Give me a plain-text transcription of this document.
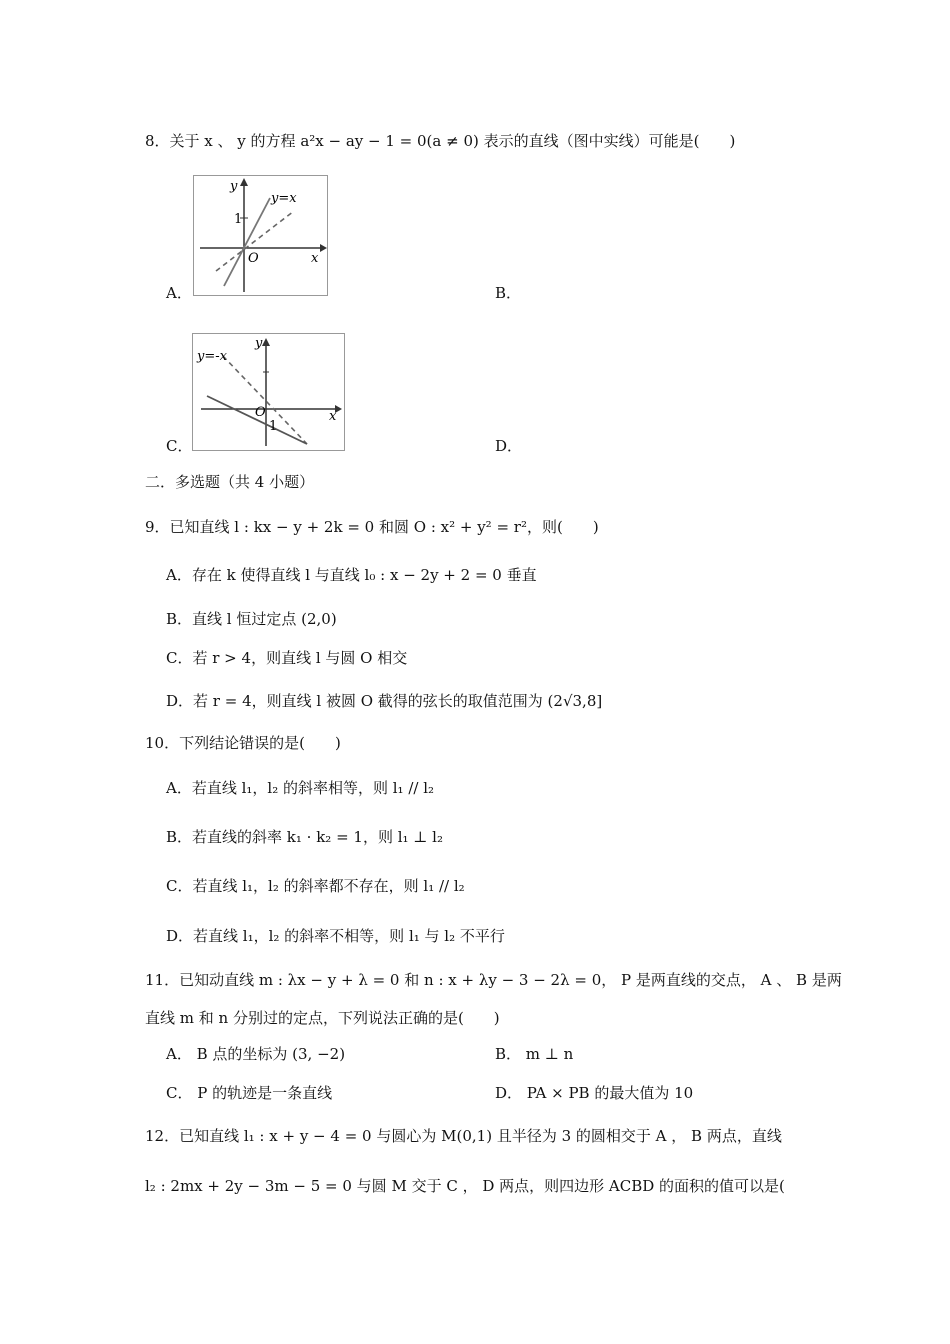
8．关于 x 、 y 的方程 a²x − ay − 1 = 0(a ≠ 0) 表示的直线（图中实线）可能是(　　)
y
x
O
1
y=x
A．	B．
y
x
O
1
y=-x
C．	D．
二．多选题（共 4 小题）
9．已知直线 l : kx − y + 2k = 0 和圆 O : x² + y² = r²，则(　　)
A．存在 k 使得直线 l 与直线 l₀ : x − 2y + 2 = 0 垂直
B．直线 l 恒过定点 (2,0)
C．若 r > 4，则直线 l 与圆 O 相交
D．若 r = 4，则直线 l 被圆 O 截得的弦长的取值范围为 (2√3,8]
10．下列结论错误的是(　　)
A．若直线 l₁，l₂ 的斜率相等，则 l₁ // l₂
B．若直线的斜率 k₁ · k₂ = 1，则 l₁ ⊥ l₂
C．若直线 l₁，l₂ 的斜率都不存在，则 l₁ // l₂
D．若直线 l₁，l₂ 的斜率不相等，则 l₁ 与 l₂ 不平行
11．已知动直线 m : λx − y + λ = 0 和 n : x + λy − 3 − 2λ = 0， P 是两直线的交点， A 、 B 是两
直线 m 和 n 分别过的定点，下列说法正确的是(　　)
A． B 点的坐标为 (3, −2)	B． m ⊥ n
C． P 的轨迹是一条直线	D． PA × PB 的最大值为 10
12．已知直线 l₁ : x + y − 4 = 0 与圆心为 M(0,1) 且半径为 3 的圆相交于 A ， B 两点，直线
l₂ : 2mx + 2y − 3m − 5 = 0 与圆 M 交于 C ， D 两点，则四边形 ACBD 的面积的值可以是(
